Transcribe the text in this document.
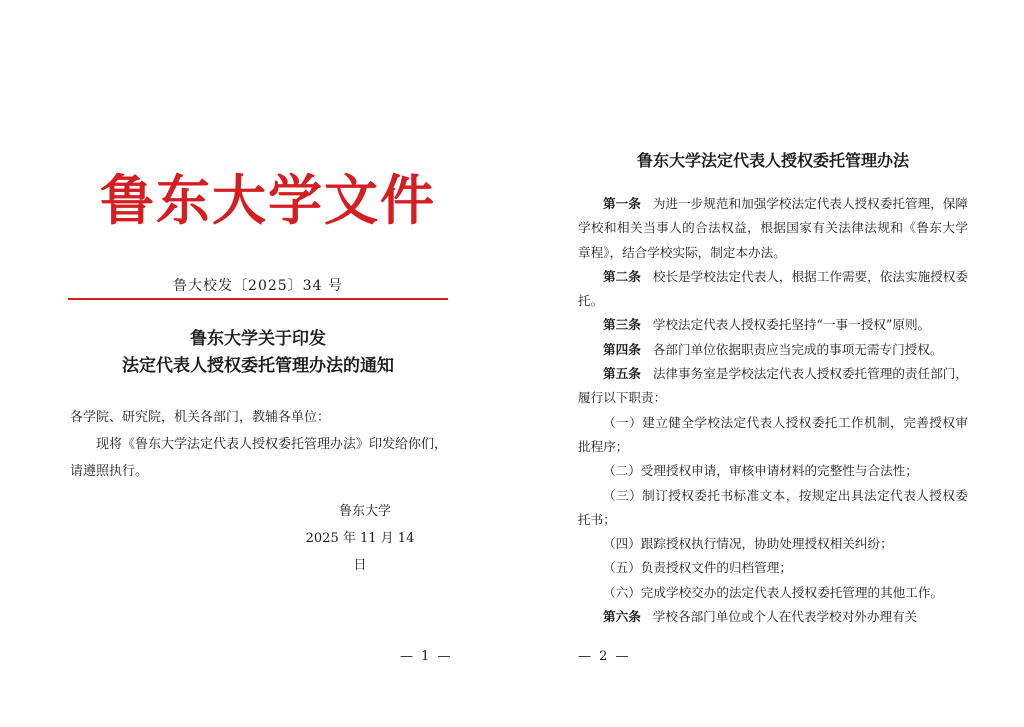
鲁东大学文件
鲁大校发〔2025〕34 号
鲁东大学关于印发
法定代表人授权委托管理办法的通知

各学院、研究院，机关各部门，教辅各单位：

现将《鲁东大学法定代表人授权委托管理办法》印发给你们，请遵照执行。

鲁东大学
2025 年 11 月 14 日
— 1 —
鲁东大学法定代表人授权委托管理办法

第一条 为进一步规范和加强学校法定代表人授权委托管理，保障学校和相关当事人的合法权益，根据国家有关法律法规和《鲁东大学章程》，结合学校实际，制定本办法。

第二条 校长是学校法定代表人，根据工作需要，依法实施授权委托。

第三条 学校法定代表人授权委托坚持“一事一授权”原则。

第四条 各部门单位依据职责应当完成的事项无需专门授权。

第五条 法律事务室是学校法定代表人授权委托管理的责任部门，履行以下职责：

（一）建立健全学校法定代表人授权委托工作机制，完善授权审批程序；

（二）受理授权申请，审核申请材料的完整性与合法性；

（三）制订授权委托书标准文本，按规定出具法定代表人授权委托书；

（四）跟踪授权执行情况，协助处理授权相关纠纷；

（五）负责授权文件的归档管理；

（六）完成学校交办的法定代表人授权委托管理的其他工作。

第六条 学校各部门单位或个人在代表学校对外办理有关

— 2 —
